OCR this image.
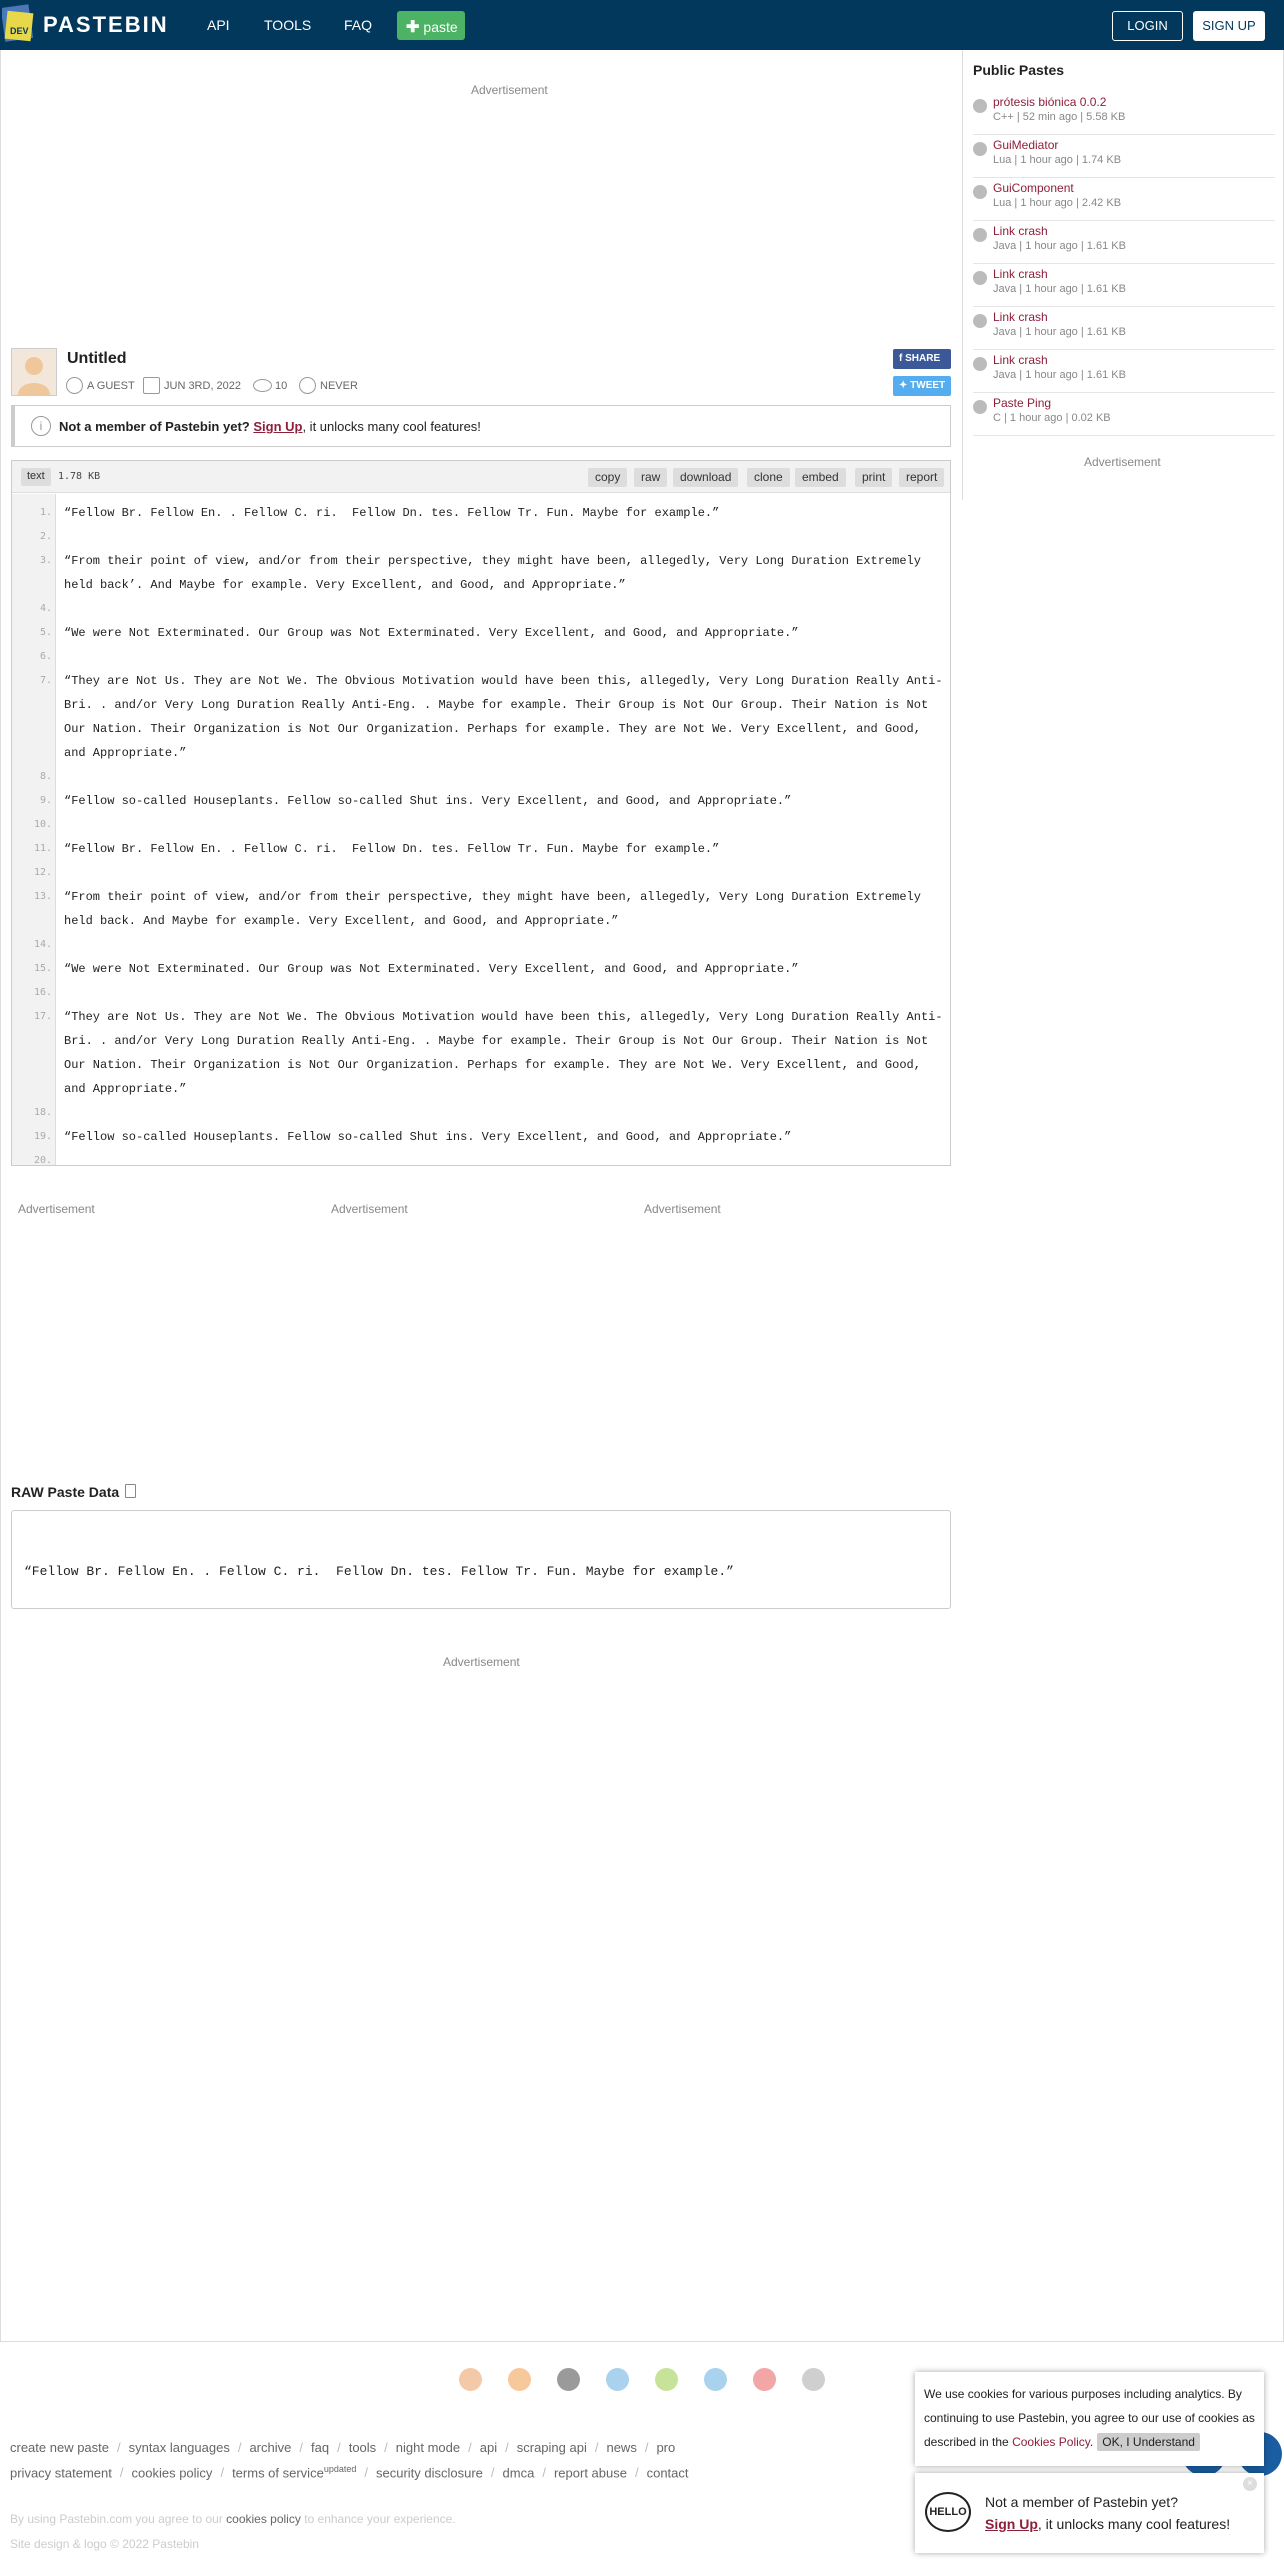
DEV PASTEBIN	API TOOLS FAQ	✚ paste	LOGIN	SIGN UP
Advertisement
Untitled
A GUEST	JUN 3RD, 2022	10	NEVER
f SHARE
✦ TWEET
i	Not a member of Pastebin yet? Sign Up, it unlocks many cool features!
text	1.78 KB	copy	raw	download	clone	embed	print	report
1. “Fellow Br. Fellow En. . Fellow C. ri.  Fellow Dn. tes. Fellow Tr. Fun. Maybe for example.”
2.
3. “From their point of view, and/or from their perspective, they might have been, allegedly, Very Long Duration Extremely held back’. And Maybe for example. Very Excellent, and Good, and Appropriate.”
4.
5. “We were Not Exterminated. Our Group was Not Exterminated. Very Excellent, and Good, and Appropriate.”
6.
7. “They are Not Us. They are Not We. The Obvious Motivation would have been this, allegedly, Very Long Duration Really Anti-Bri. . and/or Very Long Duration Really Anti-Eng. . Maybe for example. Their Group is Not Our Group. Their Nation is Not Our Nation. Their Organization is Not Our Organization. Perhaps for example. They are Not We. Very Excellent, and Good, and Appropriate.”
8.
9. “Fellow so-called Houseplants. Fellow so-called Shut ins. Very Excellent, and Good, and Appropriate.”
10.
11. “Fellow Br. Fellow En. . Fellow C. ri.  Fellow Dn. tes. Fellow Tr. Fun. Maybe for example.”
12.
13. “From their point of view, and/or from their perspective, they might have been, allegedly, Very Long Duration Extremely held back. And Maybe for example. Very Excellent, and Good, and Appropriate.”
14.
15. “We were Not Exterminated. Our Group was Not Exterminated. Very Excellent, and Good, and Appropriate.”
16.
17. “They are Not Us. They are Not We. The Obvious Motivation would have been this, allegedly, Very Long Duration Really Anti-Bri. . and/or Very Long Duration Really Anti-Eng. . Maybe for example. Their Group is Not Our Group. Their Nation is Not Our Nation. Their Organization is Not Our Organization. Perhaps for example. They are Not We. Very Excellent, and Good, and Appropriate.”
18.
19. “Fellow so-called Houseplants. Fellow so-called Shut ins. Very Excellent, and Good, and Appropriate.”
20.
Advertisement	Advertisement	Advertisement
RAW Paste Data

“Fellow Br. Fellow En. . Fellow C. ri.  Fellow Dn. tes. Fellow Tr. Fun. Maybe for example.”

Advertisement
Public Pastes
prótesis biónica 0.0.2
C++ | 52 min ago | 5.58 KB
GuiMediator
Lua | 1 hour ago | 1.74 KB
GuiComponent
Lua | 1 hour ago | 2.42 KB
Link crash
Java | 1 hour ago | 1.61 KB
Link crash
Java | 1 hour ago | 1.61 KB
Link crash
Java | 1 hour ago | 1.61 KB
Link crash
Java | 1 hour ago | 1.61 KB
Paste Ping
C | 1 hour ago | 0.02 KB
Advertisement
create new paste / syntax languages / archive / faq / tools / night mode / api / scraping api / news / pro
privacy statement / cookies policy / terms of service$^{updated}$ / security disclosure / dmca / report abuse / contact
By using Pastebin.com you agree to our cookies policy to enhance your experience.
Site design & logo © 2022 Pastebin
We use cookies for various purposes including analytics. By continuing to use Pastebin, you agree to our use of cookies as described in the Cookies Policy. OK, I Understand
HELLO
×
Not a member of Pastebin yet?
Sign Up, it unlocks many cool features!
